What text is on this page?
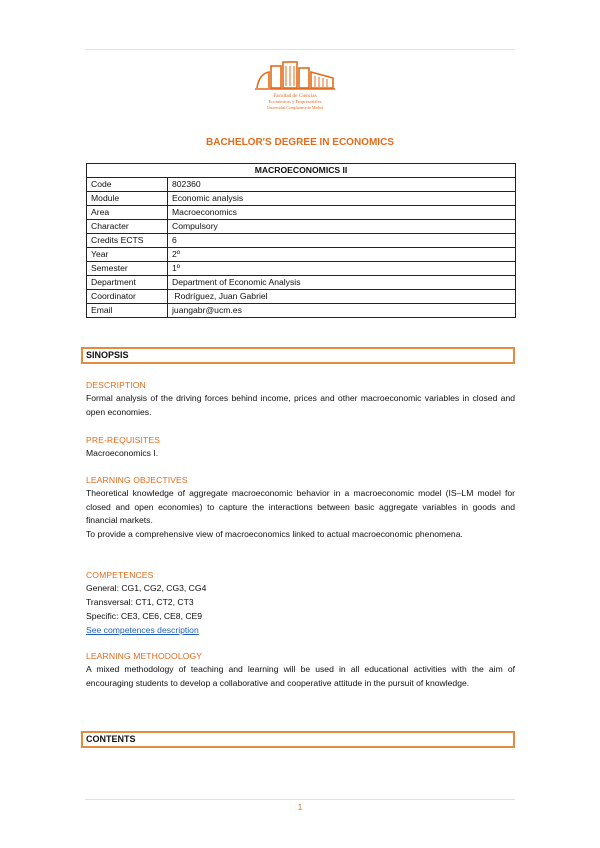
Facultad de Ciencias
Económicas y Empresariales
Universidad Complutense de Madrid
BACHELOR'S DEGREE IN ECONOMICS
MACROECONOMICS II	
Code	802360
Module	Economic analysis
Area	Macroeconomics
Character	Compulsory
Credits ECTS	6
Year	2º
Semester	1º
Department	Department of Economic Analysis
Coordinator	Rodríguez, Juan Gabriel
Email	juangabr@ucm.es
SINOPSIS
DESCRIPTION
Formal analysis of the driving forces behind income, prices and other macroeconomic variables in closed and open economies.
PRE-REQUISITES
Macroeconomics I.
LEARNING OBJECTIVES
Theoretical knowledge of aggregate macroeconomic behavior in a macroeconomic model (IS–LM model for closed and open economies) to capture the interactions between basic aggregate variables in goods and financial markets.
To provide a comprehensive view of macroeconomics linked to actual macroeconomic phenomena.
COMPETENCES
General: CG1, CG2, CG3, CG4
Transversal: CT1, CT2, CT3
Specific: CE3, CE6, CE8, CE9
See competences description
LEARNING METHODOLOGY
A mixed methodology of teaching and learning will be used in all educational activities with the aim of encouraging students to develop a collaborative and cooperative attitude in the pursuit of knowledge.
CONTENTS
1
